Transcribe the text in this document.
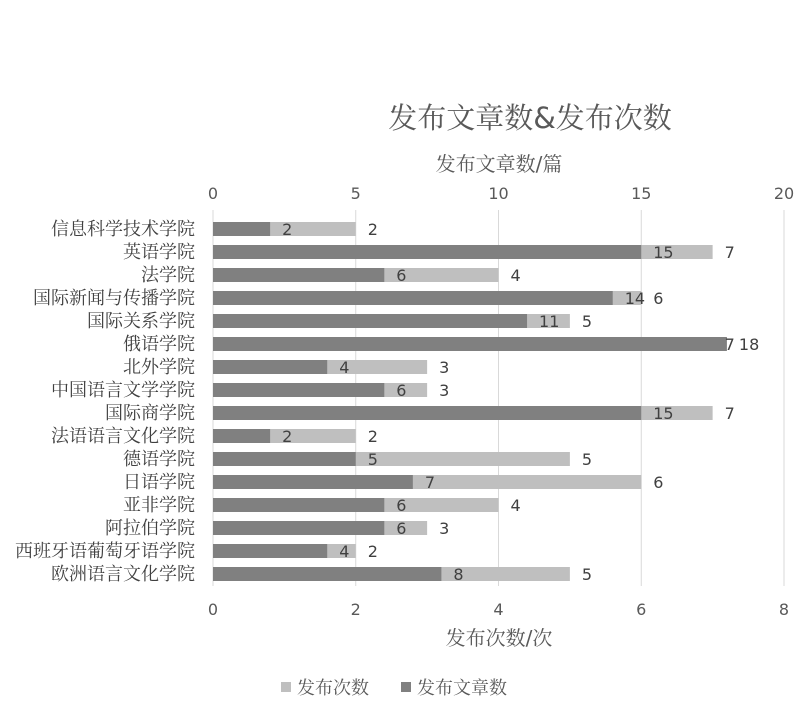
发布文章数&发布次数
发布文章数/篇
0	5	10	15	20
信息科学技术学院
英语学院
法学院
国际新闻与传播学院
国际关系学院
俄语学院
北外学院
中国语言文学学院
国际商学院
法语语言文化学院
德语学院
日语学院
亚非学院
阿拉伯学院
西班牙语葡萄牙语学院
欧洲语言文化学院
2
7
4
6
5
7
3
3
7
2
5
6
4
3
2
5
2
15
6
14
11
18
4
6
15
2
5
7
6
6
4
8
0	2	4	6	8
发布次数/次
发布次数	发布文章数
